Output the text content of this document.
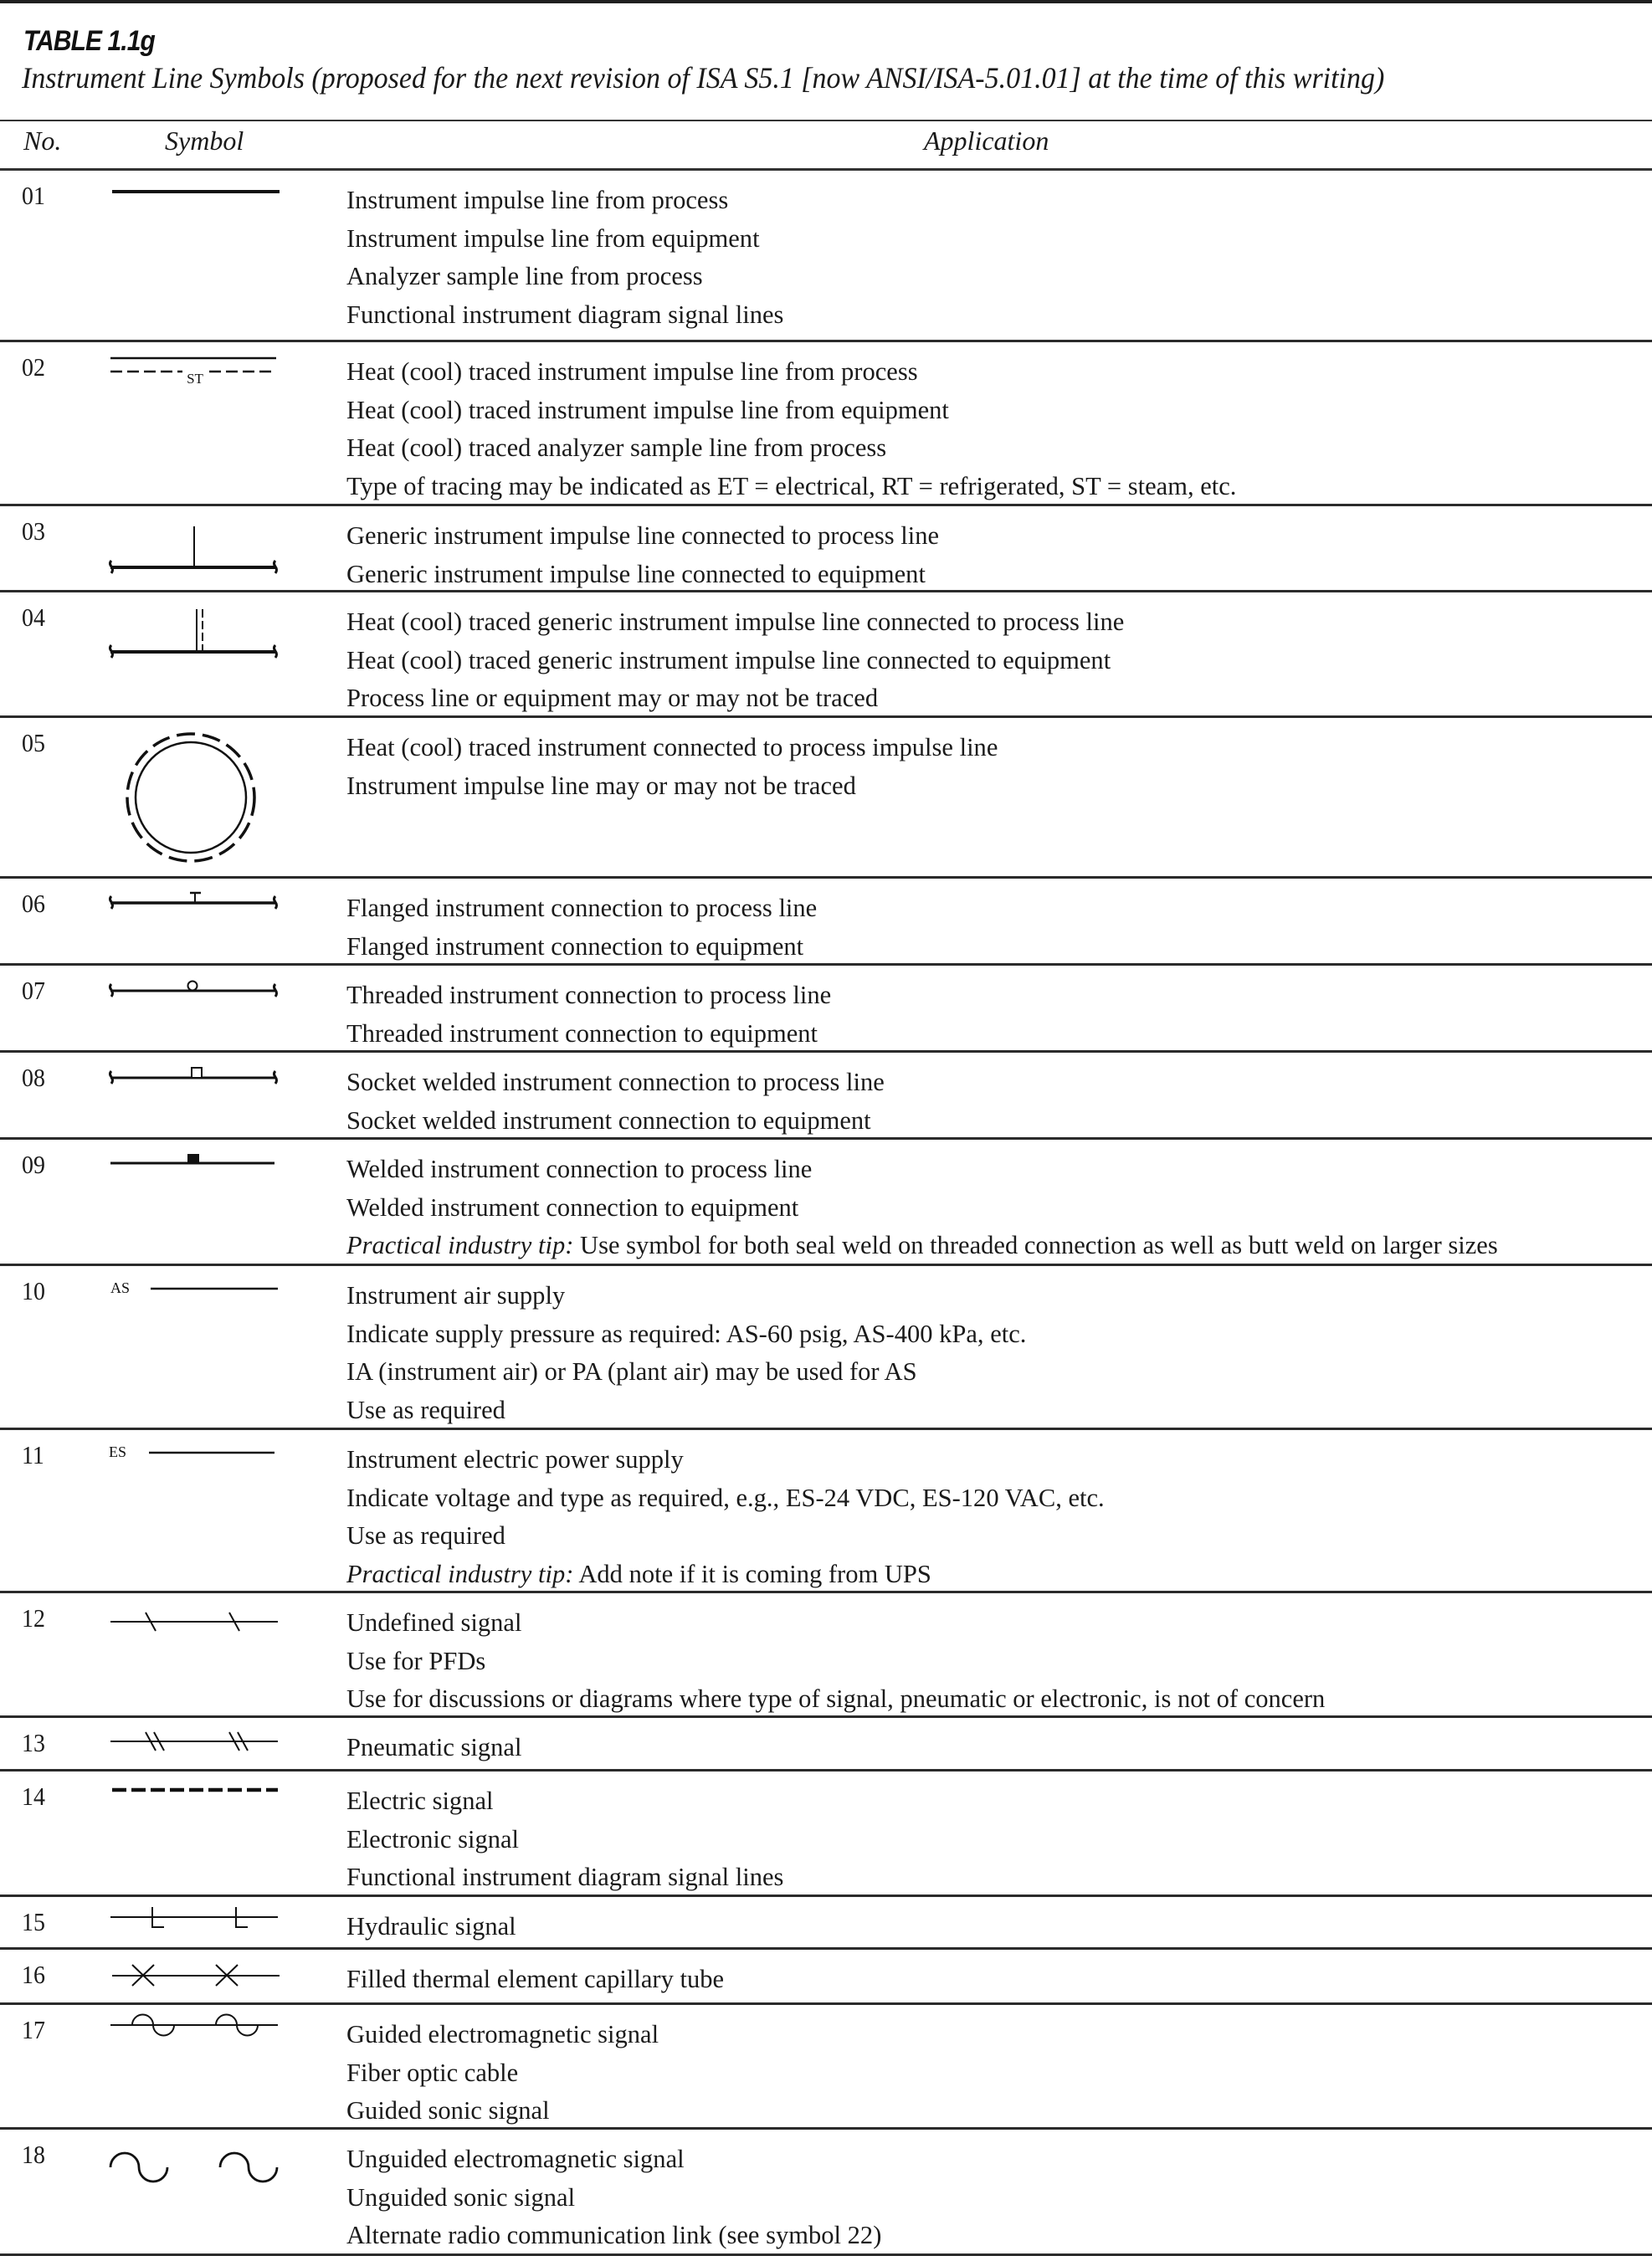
TABLE 1.1g
Instrument Line Symbols (proposed for the next revision of ISA S5.1 [now ANSI/ISA-5.01.01] at the time of this writing)
No.	Symbol	Application
01	Instrument impulse line from process
Instrument impulse line from equipment
Analyzer sample line from process
Functional instrument diagram signal lines
02	ST	Heat (cool) traced instrument impulse line from process
Heat (cool) traced instrument impulse line from equipment
Heat (cool) traced analyzer sample line from process
Type of tracing may be indicated as ET = electrical, RT = refrigerated, ST = steam, etc.
03	Generic instrument impulse line connected to process line
Generic instrument impulse line connected to equipment
04	Heat (cool) traced generic instrument impulse line connected to process line
Heat (cool) traced generic instrument impulse line connected to equipment
Process line or equipment may or may not be traced
05	Heat (cool) traced instrument connected to process impulse line
Instrument impulse line may or may not be traced
06	Flanged instrument connection to process line
Flanged instrument connection to equipment
07	Threaded instrument connection to process line
Threaded instrument connection to equipment
08	Socket welded instrument connection to process line
Socket welded instrument connection to equipment
09	Welded instrument connection to process line
Welded instrument connection to equipment
Practical industry tip: Use symbol for both seal weld on threaded connection as well as butt weld on larger sizes
10	AS	Instrument air supply
Indicate supply pressure as required: AS-60 psig, AS-400 kPa, etc.
IA (instrument air) or PA (plant air) may be used for AS
Use as required
11	ES	Instrument electric power supply
Indicate voltage and type as required, e.g., ES-24 VDC, ES-120 VAC, etc.
Use as required
Practical industry tip: Add note if it is coming from UPS
12	Undefined signal
Use for PFDs
Use for discussions or diagrams where type of signal, pneumatic or electronic, is not of concern
13	Pneumatic signal
14	Electric signal
Electronic signal
Functional instrument diagram signal lines
15	Hydraulic signal
16	Filled thermal element capillary tube
17	Guided electromagnetic signal
Fiber optic cable
Guided sonic signal
18	Unguided electromagnetic signal
Unguided sonic signal
Alternate radio communication link (see symbol 22)
